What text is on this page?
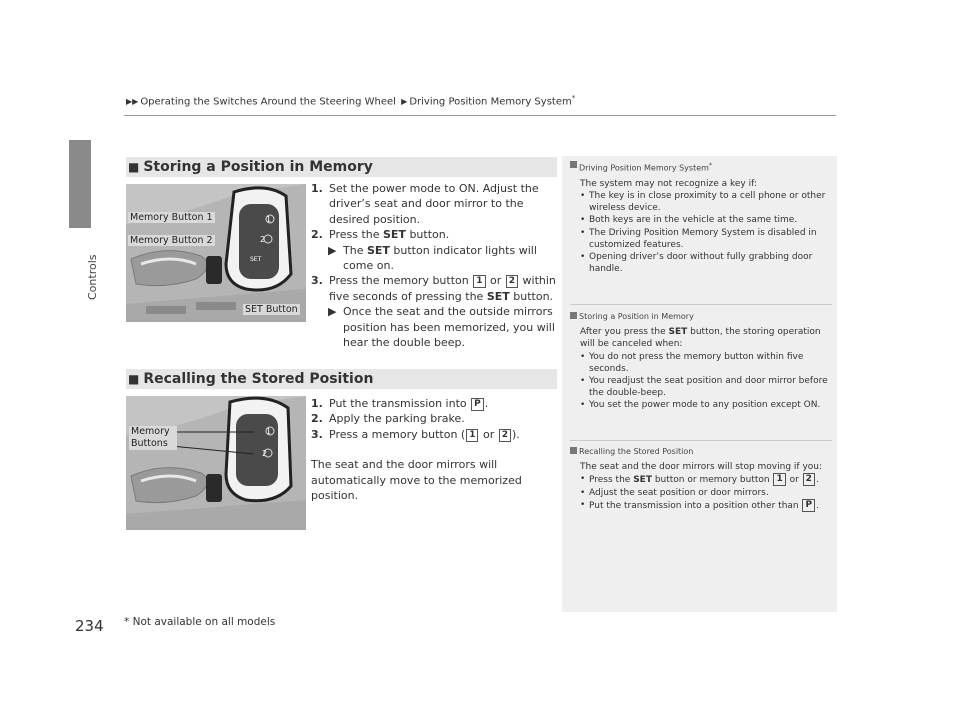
▶▶ Operating the Switches Around the Steering Wheel ▶ Driving Position Memory System*
Controls
■ Storing a Position in Memory
1
2
SET
Memory Button 1
Memory Button 2
SET Button
1. Set the power mode to ON. Adjust the driver’s seat and door mirror to the desired position.
2. Press the SET button.
▶ The SET button indicator lights will come on.
3. Press the memory button 1 or 2 within five seconds of pressing the SET button.
▶ Once the seat and the outside mirrors position has been memorized, you will hear the double beep.
■ Recalling the Stored Position
1
2
Memory Buttons
1. Put the transmission into P .
2. Apply the parking brake.
3. Press a memory button ( 1 or 2 ).
The seat and the door mirrors will automatically move to the memorized position.
Driving Position Memory System*
The system may not recognize a key if:
• The key is in close proximity to a cell phone or other wireless device.
• Both keys are in the vehicle at the same time.
• The Driving Position Memory System is disabled in customized features.
• Opening driver’s door without fully grabbing door handle.
Storing a Position in Memory
After you press the SET button, the storing operation will be canceled when:
• You do not press the memory button within five seconds.
• You readjust the seat position and door mirror before the double-beep.
• You set the power mode to any position except ON.
Recalling the Stored Position
The seat and the door mirrors will stop moving if you:
• Press the SET button or memory button 1 or 2 .
• Adjust the seat position or door mirrors.
• Put the transmission into a position other than P .
234 * Not available on all models
